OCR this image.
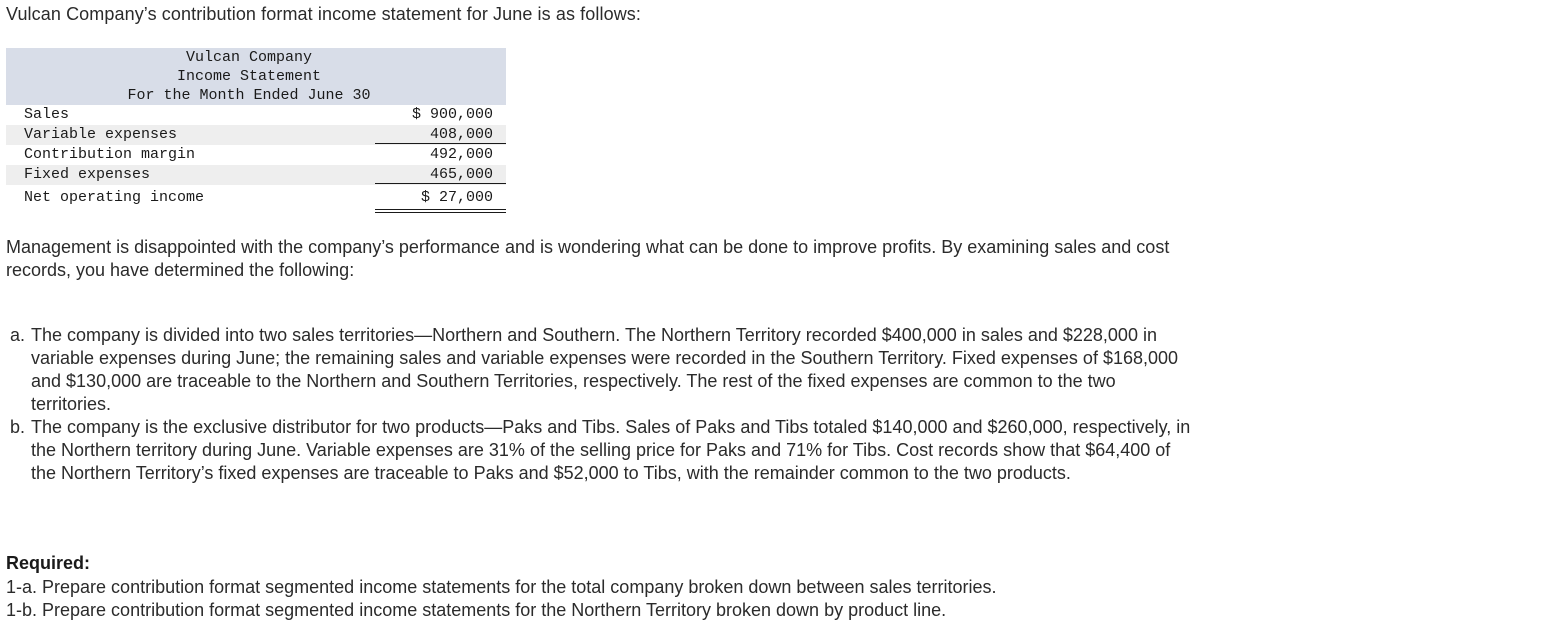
Vulcan Company’s contribution format income statement for June is as follows:

Vulcan Company
Income Statement
For the Month Ended June 30
Sales	$ 900,000
Variable expenses	408,000
Contribution margin	492,000
Fixed expenses	465,000
Net operating income	$ 27,000

Management is disappointed with the company’s performance and is wondering what can be done to improve profits. By examining sales and cost records, you have determined the following:

a. The company is divided into two sales territories—Northern and Southern. The Northern Territory recorded $400,000 in sales and $228,000 in variable expenses during June; the remaining sales and variable expenses were recorded in the Southern Territory. Fixed expenses of $168,000 and $130,000 are traceable to the Northern and Southern Territories, respectively. The rest of the fixed expenses are common to the two territories.
b. The company is the exclusive distributor for two products—Paks and Tibs. Sales of Paks and Tibs totaled $140,000 and $260,000, respectively, in the Northern territory during June. Variable expenses are 31% of the selling price for Paks and 71% for Tibs. Cost records show that $64,400 of the Northern Territory’s fixed expenses are traceable to Paks and $52,000 to Tibs, with the remainder common to the two products.

Required:

1-a. Prepare contribution format segmented income statements for the total company broken down between sales territories.

1-b. Prepare contribution format segmented income statements for the Northern Territory broken down by product line.
